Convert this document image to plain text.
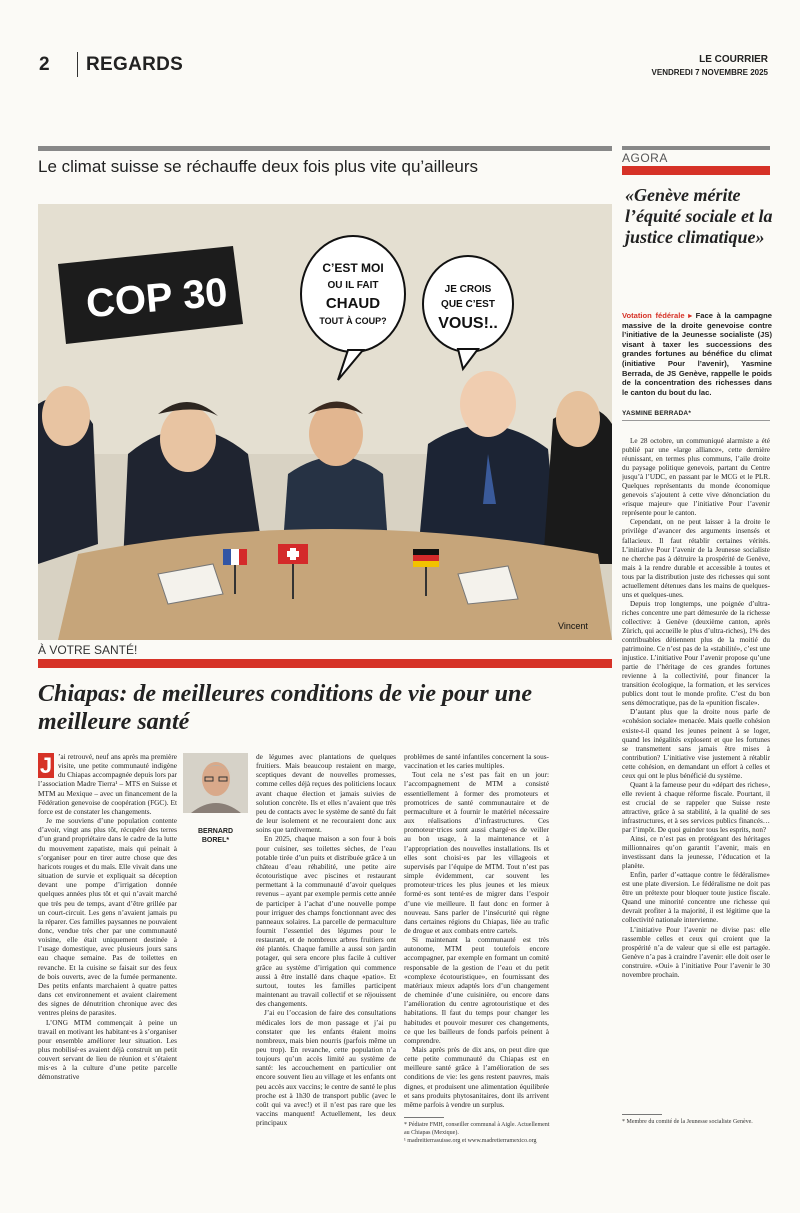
2 REGARDS	LE COURRIER
VENDREDI 7 NOVEMBRE 2025
Le climat suisse se réchauffe deux fois plus vite qu’ailleurs
COP 30
C’EST MOI
OU IL FAIT
CHAUD
TOUT À COUP?
JE CROIS
QUE C’EST
VOUS!..
Vincent
À VOTRE SANTÉ!
Chiapas: de meilleures conditions de vie pour une meilleure santé
J ’ai retrouvé, neuf ans après ma première visite, une petite communauté indigène du Chiapas accompagnée depuis lors par l’association Madre Tierra¹ – MTS en Suisse et MTM au Mexique – avec un financement de la Fédération genevoise de coopération (FGC). Et force est de constater les changements.

Je me souviens d’une population contente d’avoir, vingt ans plus tôt, récupéré des terres d’un grand propriétaire dans le cadre de la lutte du mouvement zapatiste, mais qui peinait à s’organiser pour en tirer autre chose que des haricots rouges et du maïs. Elle vivait dans une situation de survie et expliquait sa déception devant une pompe d’irrigation donnée quelques années plus tôt et qui n’avait marché que très peu de temps, avant d’être grillée par un court-circuit. Les gens n’avaient jamais pu la réparer. Ces familles paysannes ne pouvaient donc, vendue très cher par une communauté voisine, elle était uniquement destinée à l’usage domestique, avec plusieurs jours sans eau chaque semaine. Pas de toilettes en revanche. Et la cuisine se faisait sur des feux de bois ouverts, avec de la fumée permanente. Des petits enfants marchaient à quatre pattes dans cet environnement et avaient clairement des signes de dénutrition chronique avec des ventres pleins de parasites.

L’ONG MTM commençait à peine un travail en motivant les habitant·es à s’organiser pour ensemble améliorer leur situation. Les plus mobilisé·es avaient déjà construit un petit couvert servant de lieu de réunion et s’étaient mis·es à la culture d’une petite parcelle démonstrative

BERNARD
BOREL*

de légumes avec plantations de quelques fruitiers. Mais beaucoup restaient en marge, sceptiques devant de nouvelles promesses, comme celles déjà reçues des politiciens locaux avant chaque élection et jamais suivies de solution concrète. Ils et elles n’avaient que très peu de contacts avec le système de santé du fait de leur isolement et ne recouraient donc aux soins que tardivement.

En 2025, chaque maison a son four à bois pour cuisiner, ses toilettes sèches, de l’eau potable tirée d’un puits et distribuée grâce à un château d’eau réhabilité, une petite aire écotouristique avec piscines et restaurant permettant à la communauté d’avoir quelques revenus – ayant par exemple permis cette année de participer à l’achat d’une nouvelle pompe pour irriguer des champs fonctionnant avec des panneaux solaires. La parcelle de permaculture fournit l’essentiel des légumes pour le restaurant, et de nombreux arbres fruitiers ont été plantés. Chaque famille a aussi son jardin potager, qui sera encore plus facile à cultiver grâce au système d’irrigation qui commence aussi à être installé dans chaque «patio». Et surtout, toutes les familles participent maintenant au travail collectif et se réjouissent des changements.

J’ai eu l’occasion de faire des consultations médicales lors de mon passage et j’ai pu constater que les enfants étaient moins nombreux, mais bien nourris (parfois même un peu trop). En revanche, cette population n’a toujours qu’un accès limité au système de santé: les accouchement en particulier ont encore souvent lieu au village et les enfants ont peu accès aux vaccins; le centre de santé le plus proche est à 1h30 de transport public (avec le coût qui va avec!) et il n’est pas rare que les vaccins manquent! Actuellement, les deux principaux

problèmes de santé infantiles concernent la sous-vaccination et les caries multiples.

Tout cela ne s’est pas fait en un jour: l’accompagnement de MTM a consisté essentiellement à former des promoteurs et promotrices de santé communautaire et de permaculture et à fournir le matériel nécessaire aux réalisations d’infrastructures. Ces promoteur·trices sont aussi chargé·es de veiller au bon usage, à la maintenance et à l’appropriation des nouvelles installations. Ils et elles sont choisi·es par les villageois et supervisés par l’équipe de MTM. Tout n’est pas simple évidemment, car souvent les promoteur·trices les plus jeunes et les mieux formé·es sont tenté·es de migrer dans l’espoir d’une vie meilleure. Il faut donc en former à nouveau. Sans parler de l’insécurité qui règne dans certaines régions du Chiapas, liée au trafic de drogue et aux combats entre cartels.

Si maintenant la communauté est très autonome, MTM peut toutefois encore accompagner, par exemple en formant un comité responsable de la gestion de l’eau et du petit «complexe écotouristique», en fournissant des matériaux mieux adaptés lors d’un changement de cheminée d’une cuisinière, ou encore dans l’amélioration du centre agrotouristique et des habitations. Il faut du temps pour changer les habitudes et pouvoir mesurer ces changements, ce que les bailleurs de fonds parfois peinent à comprendre.

Mais après près de dix ans, on peut dire que cette petite communauté du Chiapas est en meilleure santé grâce à l’amélioration de ses conditions de vie: les gens restent pauvres, mais dignes, et produisent une alimentation équilibrée et sans produits phytosanitaires, dont ils arrivent même parfois à vendre un surplus.

* Pédiatre FMH, conseiller communal à Aigle. Actuellement au Chiapas (Mexique).
¹ madreitierrasuisse.org et www.madretierramexico.org
AGORA
«Genève mérite l’équité sociale et la justice climatique»
Votation fédérale ▸ Face à la campagne massive de la droite genevoise contre l’initiative de la Jeunesse socialiste (JS) visant à taxer les successions des grandes fortunes au bénéfice du climat (initiative Pour l’avenir), Yasmine Berrada, de JS Genève, rappelle le poids de la concentration des richesses dans le canton du bout du lac.
YASMINE BERRADA*

Le 28 octobre, un communiqué alarmiste a été publié par une «large alliance», cette dernière réunissant, en termes plus communs, l’aile droite du paysage politique genevois, partant du Centre jusqu’à l’UDC, en passant par le MCG et le PLR. Quelques représentants du monde économique genevois s’ajoutent à cette vive dénonciation du «risque majeur» que l’initiative Pour l’avenir représente pour le canton.

Cependant, on ne peut laisser à la droite le privilège d’avancer des arguments insensés et fallacieux. Il faut rétablir certaines vérités. L’initiative Pour l’avenir de la Jeunesse socialiste ne cherche pas à détruire la prospérité de Genève, mais à la rendre durable et accessible à toutes et tous par la distribution juste des richesses qui sont actuellement détenues dans les mains de quelques-uns et quelques-unes.

Depuis trop longtemps, une poignée d’ultra-riches concentre une part démesurée de la richesse collective: à Genève (deuxième canton, après Zürich, qui accueille le plus d’ultra-riches), 1% des contribuables détiennent plus de la moitié du patrimoine. Ce n’est pas de la «stabilité», c’est une injustice. L’initiative Pour l’avenir propose qu’une partie de l’héritage de ces grandes fortunes revienne à la collectivité, pour financer la transition écologique, la formation, et les services publics dont tout le monde profite. C’est du bon sens démocratique, pas de la «punition fiscale».

D’autant plus que la droite nous parle de «cohésion sociale» menacée. Mais quelle cohésion existe-t-il quand les jeunes peinent à se loger, quand les inégalités explosent et que les fortunes se transmettent sans jamais être mises à contribution? L’initiative vise justement à rétablir cette cohésion, en demandant un effort à celles et ceux qui ont le plus bénéficié du système.

Quant à la fameuse peur du «départ des riches», elle revient à chaque réforme fiscale. Pourtant, il est crucial de se rappeler que Suisse reste attractive, grâce à sa stabilité, à la qualité de ses infrastructures, et à ses services publics financés… par l’impôt. De quoi guinder tous les esprits, non?

Ainsi, ce n’est pas en protégeant des héritages millionnaires qu’on garantit l’avenir, mais en investissant dans la jeunesse, l’éducation et la planète.

Enfin, parler d’«attaque contre le fédéralisme» est une plate diversion. Le fédéralisme ne doit pas être un prétexte pour bloquer toute justice fiscale. Quand une minorité concentre une richesse qui devrait profiter à la majorité, il est légitime que la collectivité nationale intervienne.

L’initiative Pour l’avenir ne divise pas: elle rassemble celles et ceux qui croient que la prospérité n’a de valeur que si elle est partagée. Genève n’a pas à craindre l’avenir: elle doit oser le construire. «Oui» à l’initiative Pour l’avenir le 30 novembre prochain.

* Membre du comité de la Jeunesse socialiste Genève.
